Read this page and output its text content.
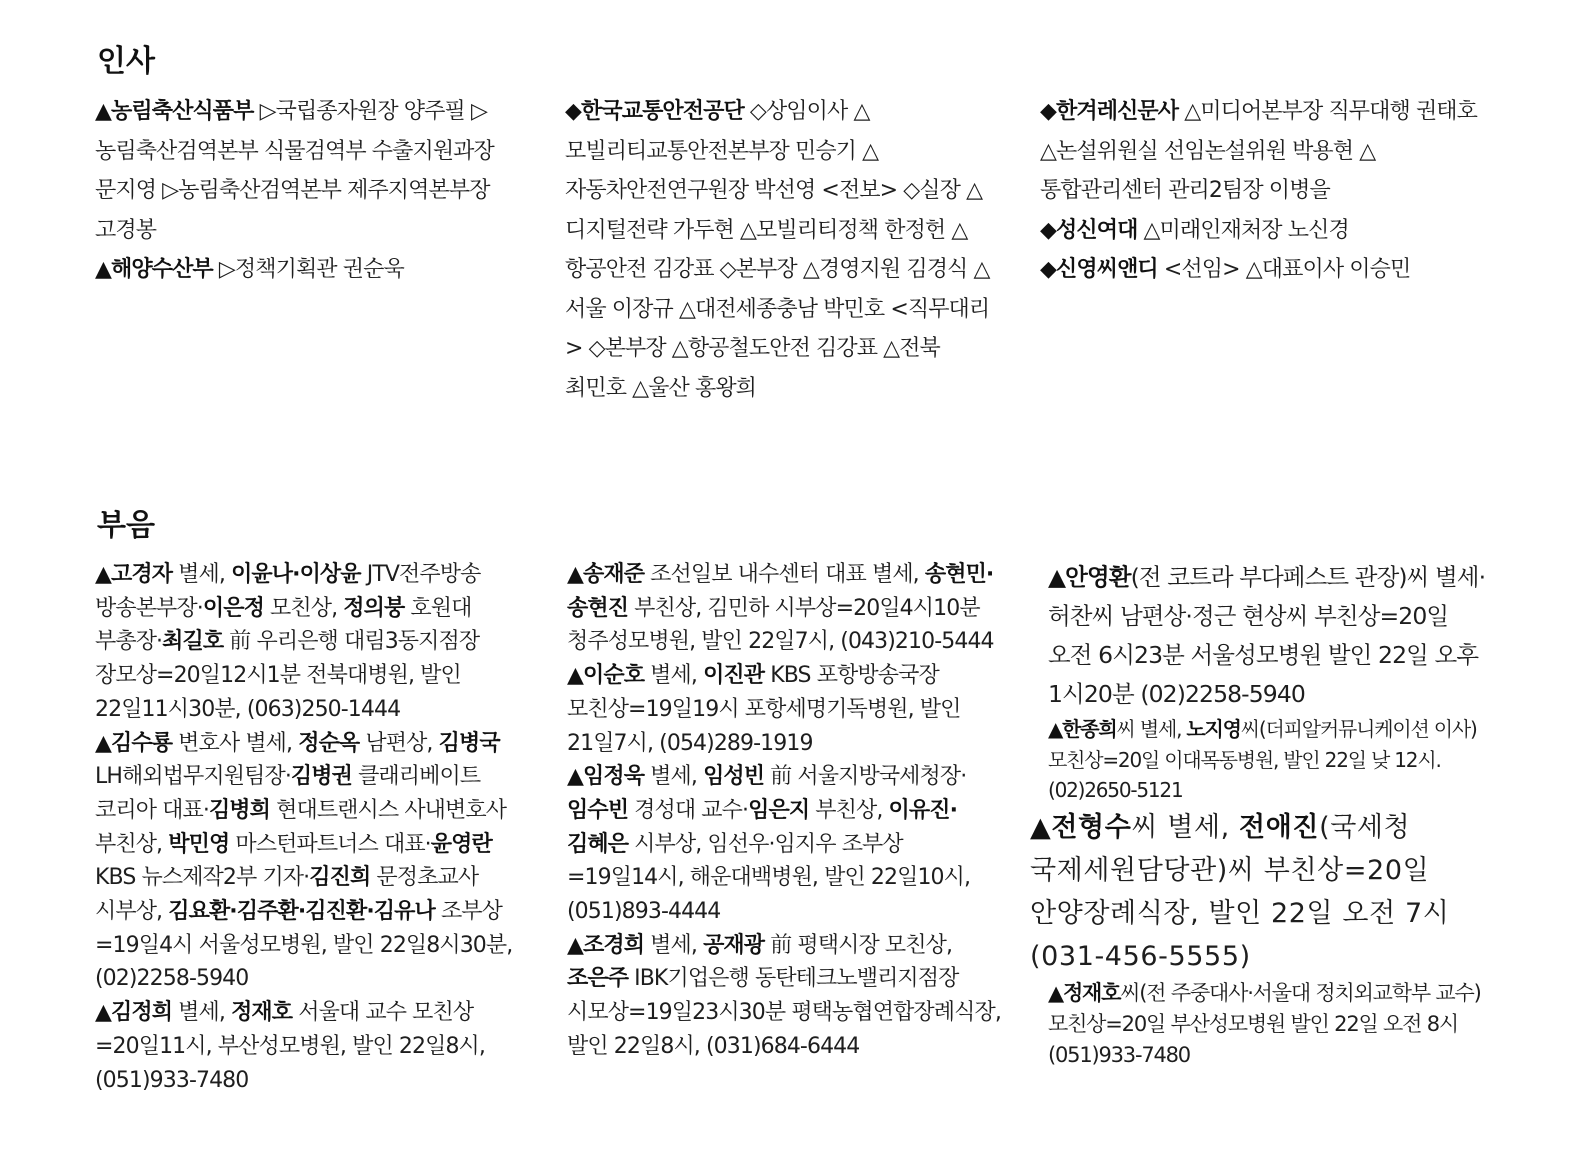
인사

▲농림축산식품부 ▷국립종자원장 양주필 ▷농림축산검역본부 식물검역부 수출지원과장 문지영 ▷농림축산검역본부 제주지역본부장 고경봉

▲해양수산부 ▷정책기획관 권순욱

◆한국교통안전공단 ◇상임이사 △모빌리티교통안전본부장 민승기 △자동차안전연구원장 박선영 <전보> ◇실장 △디지털전략 가두현 △모빌리티정책 한정헌 △항공안전 김강표 ◇본부장 △경영지원 김경식 △서울 이장규 △대전세종충남 박민호 <직무대리> ◇본부장 △항공철도안전 김강표 △전북 최민호 △울산 홍왕희

◆한겨레신문사 △미디어본부장 직무대행 권태호 △논설위원실 선임논설위원 박용현 △통합관리센터 관리2팀장 이병을

◆성신여대 △미래인재처장 노신경

◆신영씨앤디 <선임> △대표이사 이승민

부음

▲고경자 별세, 이윤나·이상윤 JTV전주방송 방송본부장·이은정 모친상, 정의붕 호원대 부총장·최길호 前 우리은행 대림3동지점장 장모상=20일12시1분 전북대병원, 발인 22일11시30분, (063)250-1444

▲김수룡 변호사 별세, 정순옥 남편상, 김병국 LH해외법무지원팀장·김병권 클래리베이트 코리아 대표·김병희 현대트랜시스 사내변호사 부친상, 박민영 마스턴파트너스 대표·윤영란 KBS 뉴스제작2부 기자·김진희 문정초교사 시부상, 김요환·김주환·김진환·김유나 조부상=19일4시 서울성모병원, 발인 22일8시30분, (02)2258-5940

▲김정희 별세, 정재호 서울대 교수 모친상=20일11시, 부산성모병원, 발인 22일8시, (051)933-7480

▲송재준 조선일보 내수센터 대표 별세, 송현민·송현진 부친상, 김민하 시부상=20일4시10분 청주성모병원, 발인 22일7시, (043)210-5444

▲이순호 별세, 이진관 KBS 포항방송국장 모친상=19일19시 포항세명기독병원, 발인 21일7시, (054)289-1919

▲임정욱 별세, 임성빈 前 서울지방국세청장·임수빈 경성대 교수·임은지 부친상, 이유진·김혜은 시부상, 임선우·임지우 조부상=19일14시, 해운대백병원, 발인 22일10시, (051)893-4444

▲조경희 별세, 공재광 前 평택시장 모친상, 조은주 IBK기업은행 동탄테크노밸리지점장 시모상=19일23시30분 평택농협연합장례식장, 발인 22일8시, (031)684-6444

▲안영환(전 코트라 부다페스트 관장)씨 별세·허찬씨 남편상·정근 현상씨 부친상=20일 오전 6시23분 서울성모병원 발인 22일 오후 1시20분 (02)2258-5940

▲한종희씨 별세, 노지영씨(더피알커뮤니케이션 이사) 모친상=20일 이대목동병원, 발인 22일 낮 12시. (02)2650-5121

▲전형수씨 별세, 전애진(국세청 국제세원담당관)씨 부친상=20일 안양장례식장, 발인 22일 오전 7시 (031-456-5555)

▲정재호씨(전 주중대사·서울대 정치외교학부 교수)모친상=20일 부산성모병원 발인 22일 오전 8시 (051)933-7480
